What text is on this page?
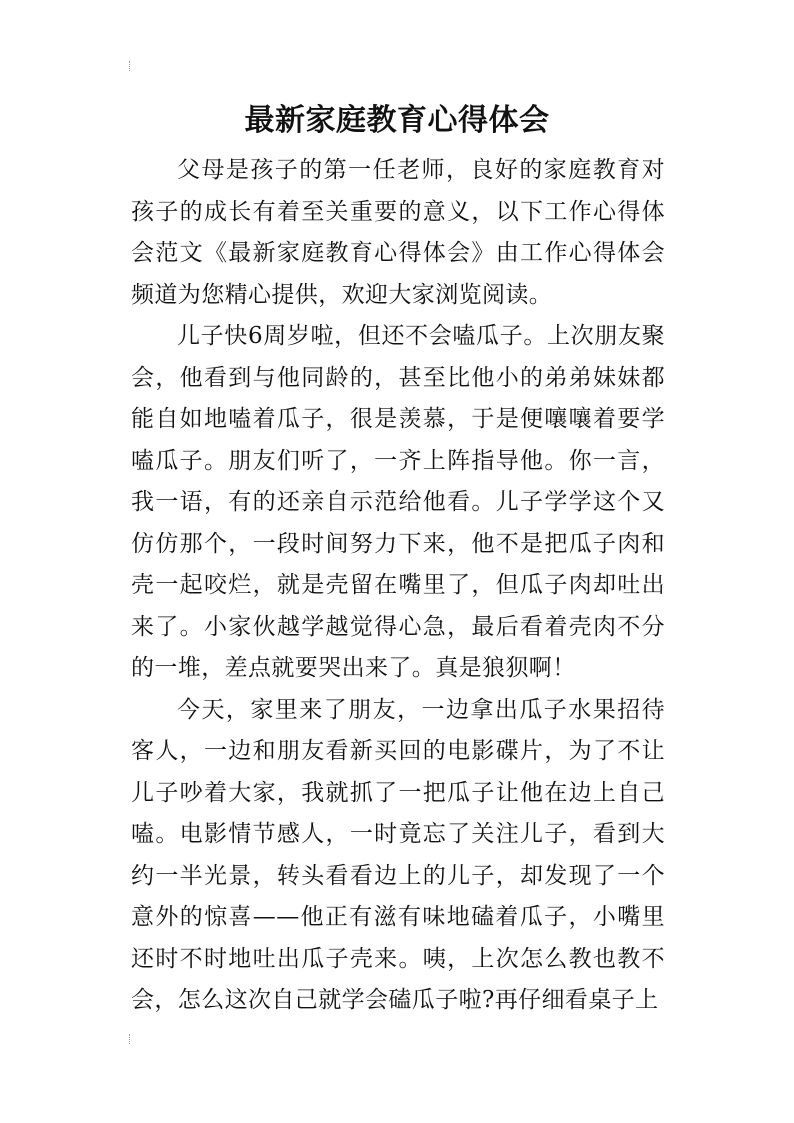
最新家庭教育心得体会

父母是孩子的第一任老师，良好的家庭教育对孩子的成长有着至关重要的意义，以下工作心得体会范文《最新家庭教育心得体会》由工作心得体会频道为您精心提供，欢迎大家浏览阅读。

儿子快6周岁啦，但还不会嗑瓜子。上次朋友聚会，他看到与他同龄的，甚至比他小的弟弟妹妹都能自如地嗑着瓜子，很是羡慕，于是便嚷嚷着要学嗑瓜子。朋友们听了，一齐上阵指导他。你一言，我一语，有的还亲自示范给他看。儿子学学这个又仿仿那个，一段时间努力下来，他不是把瓜子肉和壳一起咬烂，就是壳留在嘴里了，但瓜子肉却吐出来了。小家伙越学越觉得心急，最后看着壳肉不分的一堆，差点就要哭出来了。真是狼狈啊！

今天，家里来了朋友，一边拿出瓜子水果招待客人，一边和朋友看新买回的电影碟片，为了不让儿子吵着大家，我就抓了一把瓜子让他在边上自己嗑。电影情节感人，一时竟忘了关注儿子，看到大约一半光景，转头看看边上的儿子，却发现了一个意外的惊喜——他正有滋有味地磕着瓜子，小嘴里还时不时地吐出瓜子壳来。咦，上次怎么教也教不会，怎么这次自己就学会磕瓜子啦?再仔细看桌子上
